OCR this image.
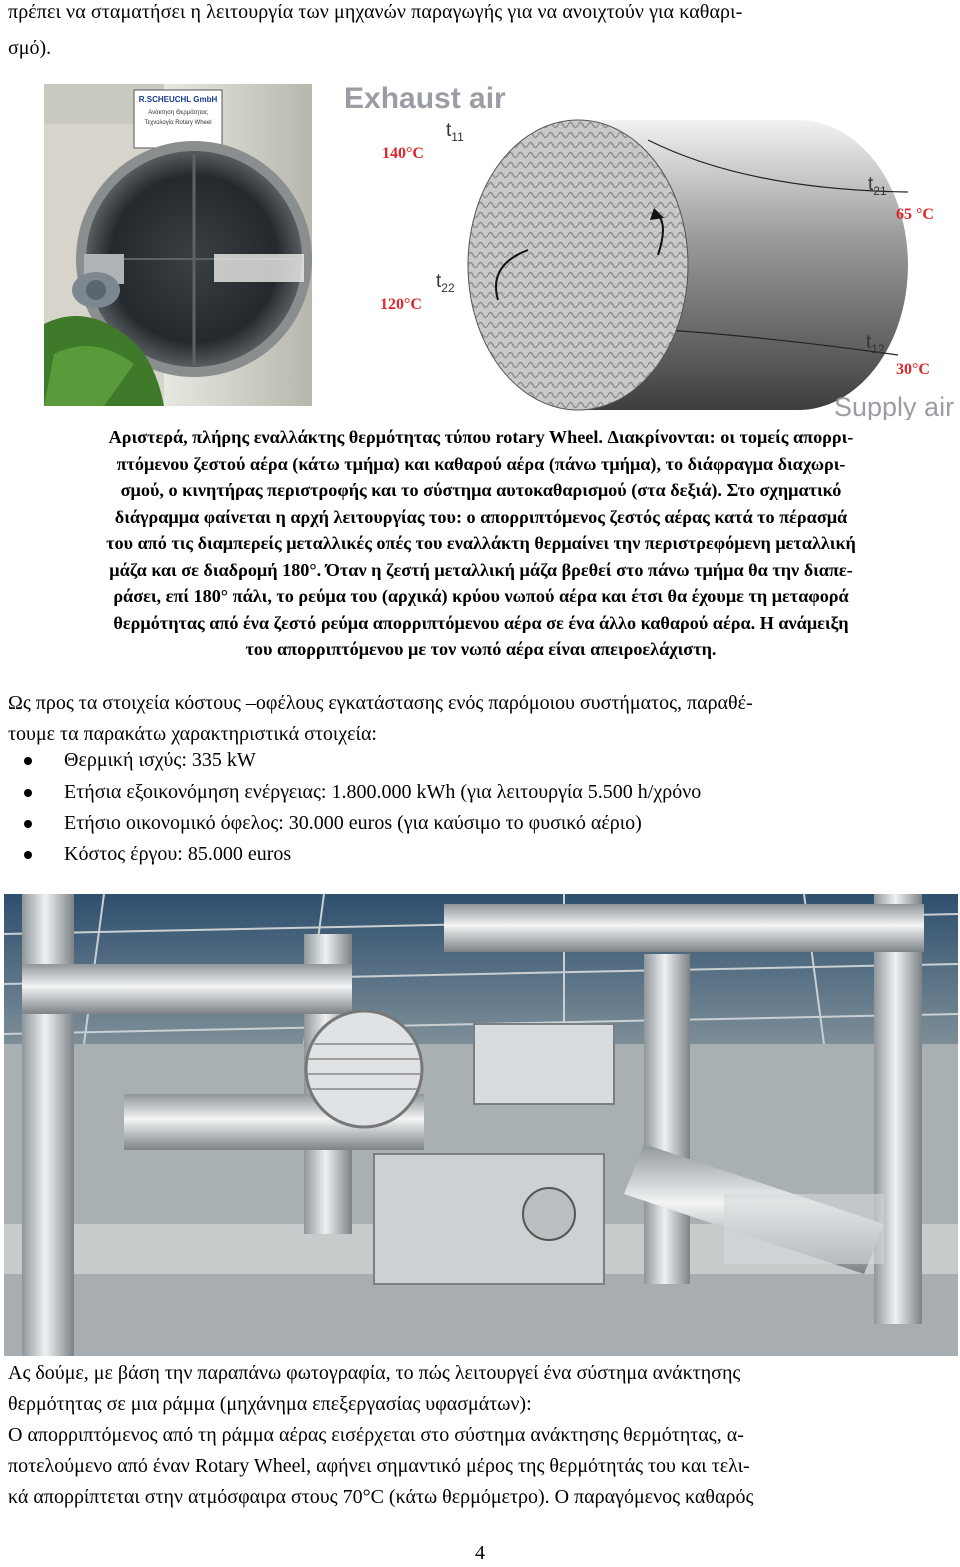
πρέπει να σταματήσει η λειτουργία των μηχανών παραγωγής για να ανοιχτούν για καθαρι-
σμό).
R.SCHEUCHL GmbH
Ανάκτηση Θερμότητας
Τεχνολογία Rotary Wheel
Exhaust air
Supply air
$t_{11}$
140°C
$t_{21}$
65 °C
$t_{22}$
120°C
$t_{12}$
30°C
Αριστερά, πλήρης εναλλάκτης θερμότητας τύπου rotary Wheel. Διακρίνονται: οι τομείς απορρι-
πτόμενου ζεστού αέρα (κάτω τμήμα) και καθαρού αέρα (πάνω τμήμα), το διάφραγμα διαχωρι-
σμού, ο κινητήρας περιστροφής και το σύστημα αυτοκαθαρισμού (στα δεξιά). Στο σχηματικό
διάγραμμα φαίνεται η αρχή λειτουργίας του: ο απορριπτόμενος ζεστός αέρας κατά το πέρασμά
του από τις διαμπερείς μεταλλικές οπές του εναλλάκτη θερμαίνει την περιστρεφόμενη μεταλλική
μάζα και σε διαδρομή 180°. Όταν η ζεστή μεταλλική μάζα βρεθεί στο πάνω τμήμα θα την διαπε-
ράσει, επί 180° πάλι, το ρεύμα του (αρχικά) κρύου νωπού αέρα και έτσι θα έχουμε τη μεταφορά
θερμότητας από ένα ζεστό ρεύμα απορριπτόμενου αέρα σε ένα άλλο καθαρού αέρα. Η ανάμειξη
του απορριπτόμενου με τον νωπό αέρα είναι απειροελάχιστη.
Ως προς τα στοιχεία κόστους –οφέλους εγκατάστασης ενός παρόμοιου συστήματος, παραθέ-
τουμε τα παρακάτω χαρακτηριστικά στοιχεία:
Θερμική ισχύς: 335 kW
Ετήσια εξοικονόμηση ενέργειας: 1.800.000 kWh (για λειτουργία 5.500 h/χρόνο
Ετήσιο οικονομικό όφελος: 30.000 euros (για καύσιμο το φυσικό αέριο)
Κόστος έργου: 85.000 euros
Ας δούμε, με βάση την παραπάνω φωτογραφία, το πώς λειτουργεί ένα σύστημα ανάκτησης
θερμότητας σε μια ράμμα (μηχάνημα επεξεργασίας υφασμάτων):
Ο απορριπτόμενος από τη ράμμα αέρας εισέρχεται στο σύστημα ανάκτησης θερμότητας, α-
ποτελούμενο από έναν Rotary Wheel, αφήνει σημαντικό μέρος της θερμότητάς του και τελι-
κά απορρίπτεται στην ατμόσφαιρα στους 70°C (κάτω θερμόμετρο). Ο παραγόμενος καθαρός
4
